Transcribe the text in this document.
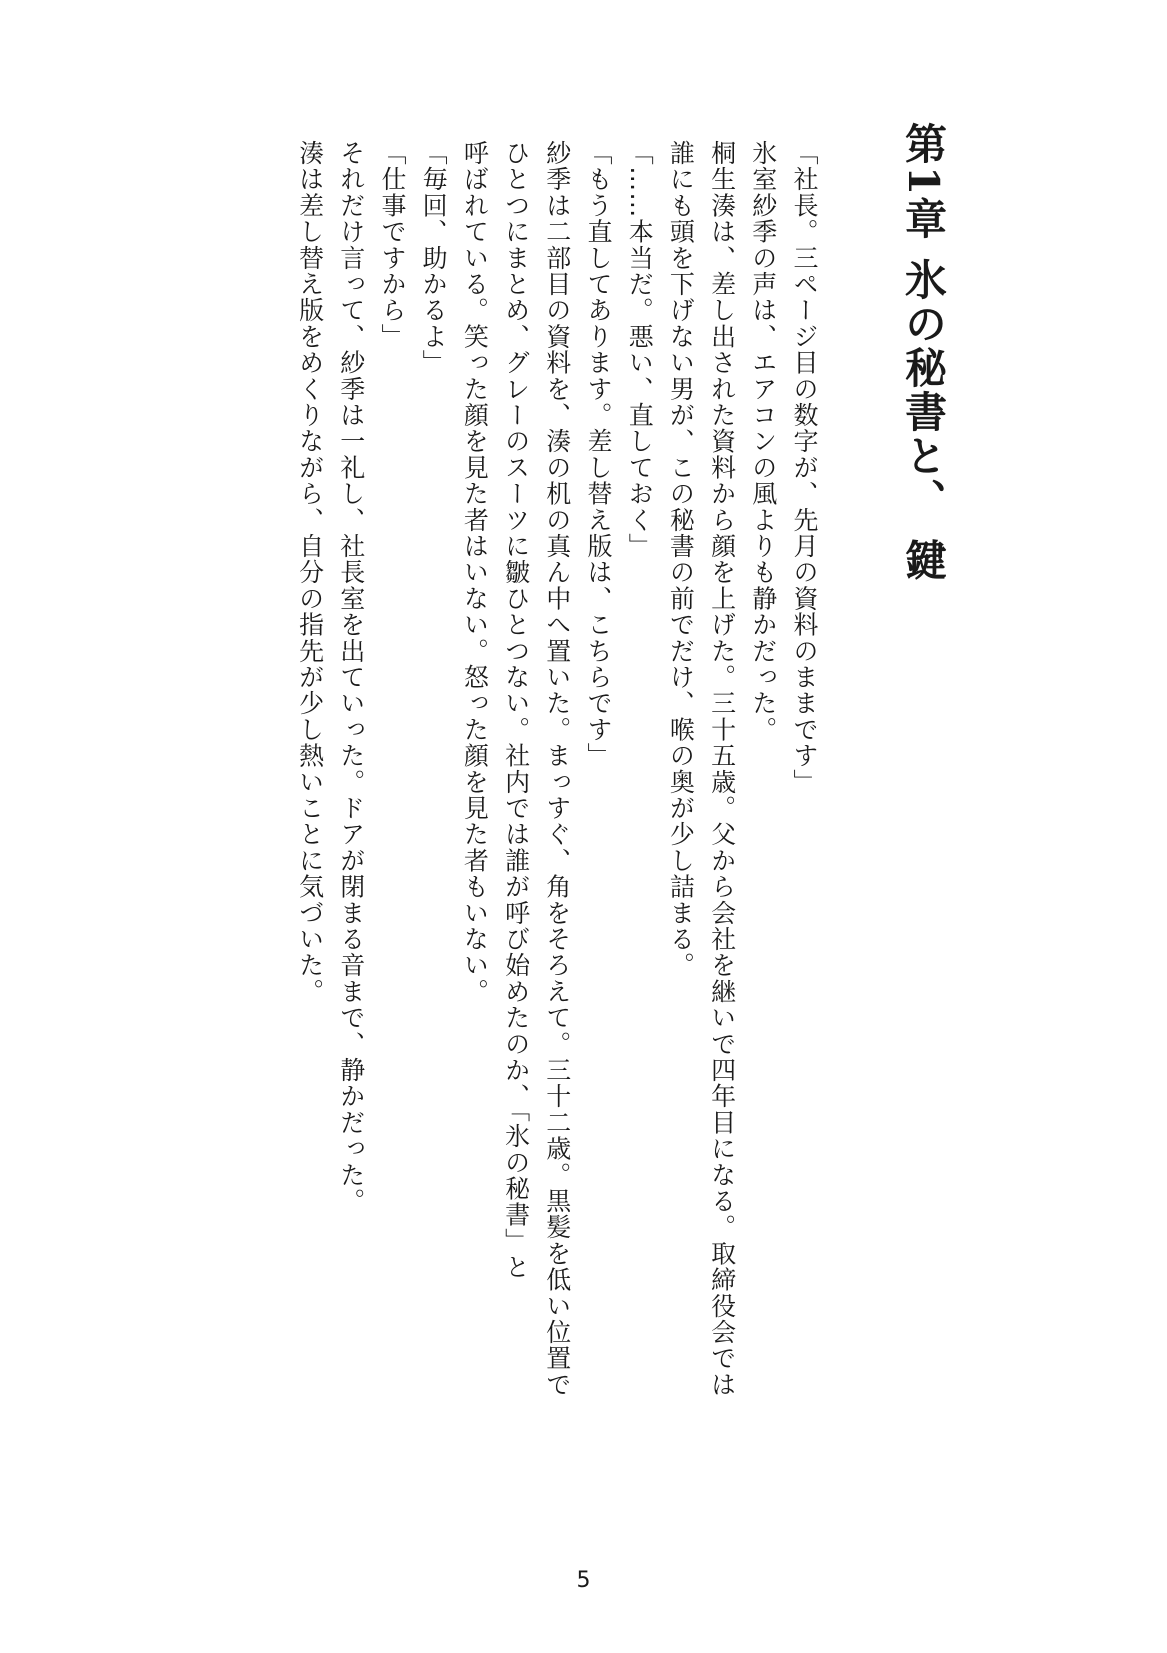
第1章 氷の秘書と、 鍵
「社長。三ページ目の数字が、先月の資料のままです」
氷室紗季の声は、エアコンの風よりも静かだった。
桐生湊は、差し出された資料から顔を上げた。三十五歳。父から会社を継いで四年目になる。取締役会では
誰にも頭を下げない男が、この秘書の前でだけ、喉の奥が少し詰まる。
「……本当だ。悪い、直しておく」
「もう直してあります。差し替え版は、こちらです」
紗季は二部目の資料を、湊の机の真ん中へ置いた。まっすぐ、角をそろえて。三十二歳。黒髪を低い位置で
ひとつにまとめ、グレーのスーツに皺ひとつない。社内では誰が呼び始めたのか、「氷の秘書」と
呼ばれている。笑った顔を見た者はいない。怒った顔を見た者もいない。
「毎回、助かるよ」
「仕事ですから」
それだけ言って、紗季は一礼し、社長室を出ていった。ドアが閉まる音まで、静かだった。
湊は差し替え版をめくりながら、自分の指先が少し熱いことに気づいた。
5
